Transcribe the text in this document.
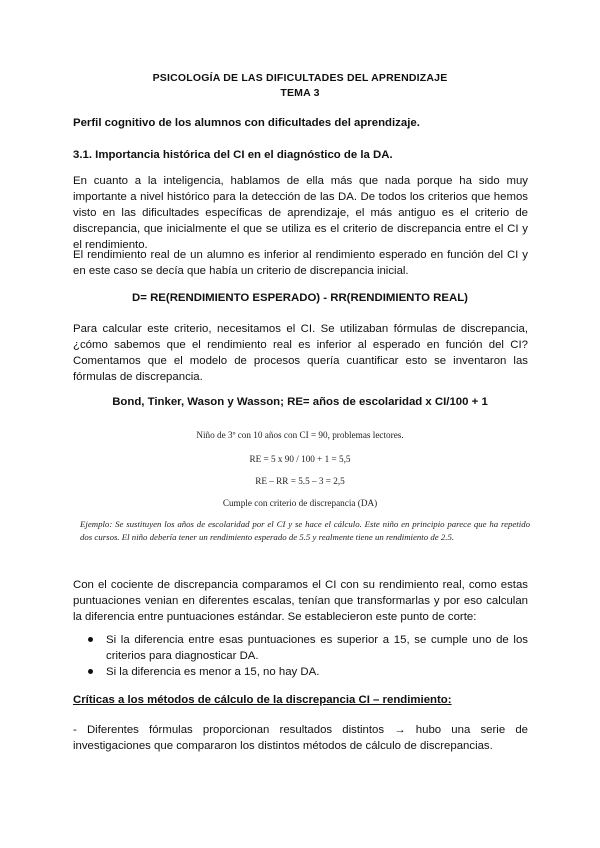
PSICOLOGÍA DE LAS DIFICULTADES DEL APRENDIZAJE
TEMA 3
Perfil cognitivo de los alumnos con dificultades del aprendizaje.
3.1. Importancia histórica del CI en el diagnóstico de la DA.
En cuanto a la inteligencia, hablamos de ella más que nada porque ha sido muy importante a nivel histórico para la detección de las DA. De todos los criterios que hemos visto en las dificultades específicas de aprendizaje, el más antiguo es el criterio de discrepancia, que inicialmente el que se utiliza es el criterio de discrepancia entre el CI y el rendimiento.
El rendimiento real de un alumno es inferior al rendimiento esperado en función del CI y en este caso se decía que había un criterio de discrepancia inicial.
D= RE(RENDIMIENTO ESPERADO) - RR(RENDIMIENTO REAL)
Para calcular este criterio, necesitamos el CI. Se utilizaban fórmulas de discrepancia, ¿cómo sabemos que el rendimiento real es inferior al esperado en función del CI? Comentamos que el modelo de procesos quería cuantificar esto se inventaron las fórmulas de discrepancia.
Bond, Tinker, Wason y Wasson; RE= años de escolaridad x CI/100 + 1
Niño de 3º con 10 años con CI = 90, problemas lectores.
RE = 5 x 90 / 100 + 1 = 5,5
RE – RR = 5.5 – 3 = 2,5
Cumple con criterio de discrepancia (DA)
Ejemplo: Se sustituyen los años de escolaridad por el CI y se hace el cálculo. Este niño en principio parece que ha repetido dos cursos. El niño debería tener un rendimiento esperado de 5.5 y realmente tiene un rendimiento de 2.5.
Con el cociente de discrepancia comparamos el CI con su rendimiento real, como estas puntuaciones venian en diferentes escalas, tenían que transformarlas y por eso calculan la diferencia entre puntuaciones estándar. Se establecieron este punto de corte:
Si la diferencia entre esas puntuaciones es superior a 15, se cumple uno de los criterios para diagnosticar DA.
Si la diferencia es menor a 15, no hay DA.
Críticas a los métodos de cálculo de la discrepancia CI – rendimiento:
- Diferentes fórmulas proporcionan resultados distintos → hubo una serie de investigaciones que compararon los distintos métodos de cálculo de discrepancias.
